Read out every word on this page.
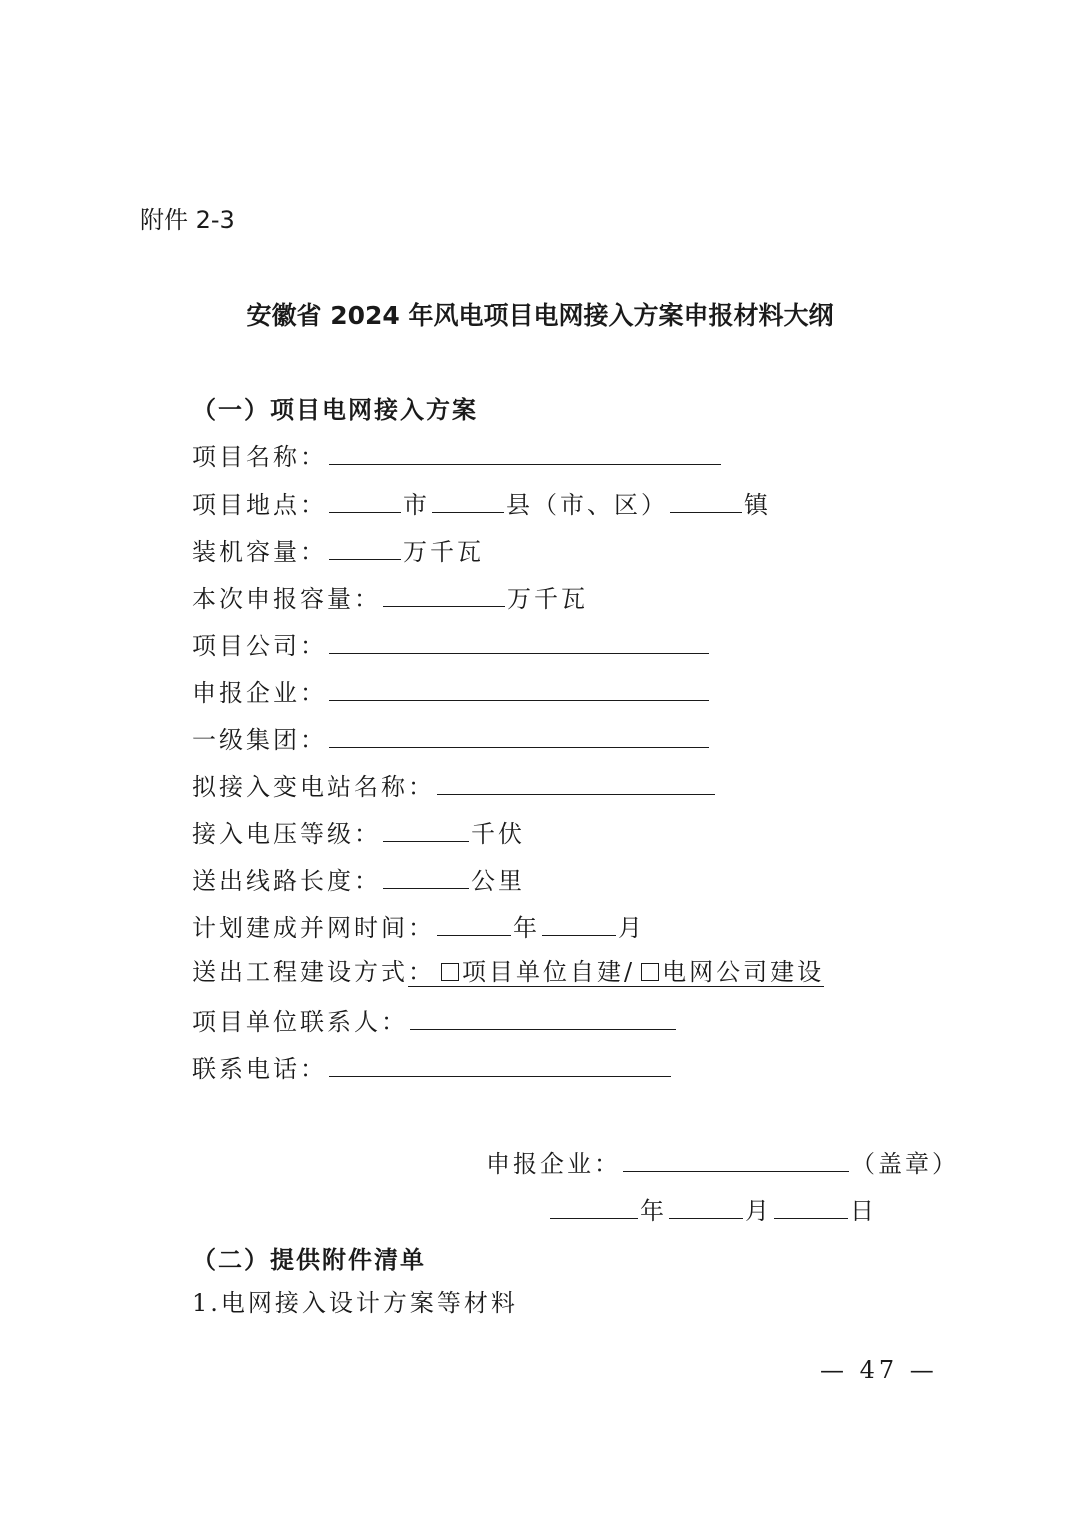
附件 2-3
安徽省 2024 年风电项目电网接入方案申报材料大纲
（一）项目电网接入方案
项目名称：
项目地点：	市	县（市、区）	镇
装机容量：	万千瓦
本次申报容量：	万千瓦
项目公司：
申报企业：
一级集团：
拟接入变电站名称：
接入电压等级：	千伏
送出线路长度：	公里
计划建成并网时间：	年	月
送出工程建设方式： 项目单位自建/ 电网公司建设
项目单位联系人：
联系电话：
申报企业：	（盖章）
年	月	日
（二）提供附件清单
1.电网接入设计方案等材料
— 47 —
